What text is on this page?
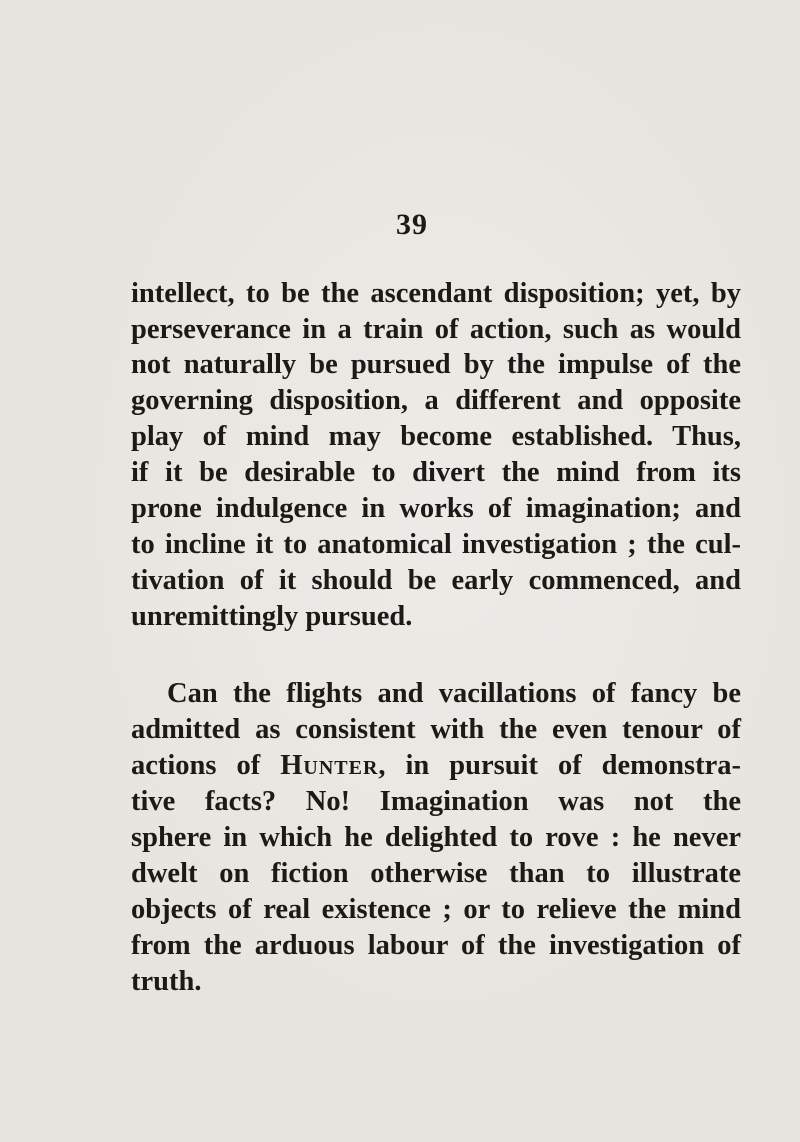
39
intellect, to be the ascendant disposition; yet, by
perseverance in a train of action, such as would
not naturally be pursued by the impulse of the
governing disposition, a different and opposite
play of mind may become established. Thus,
if it be desirable to divert the mind from its
prone indulgence in works of imagination; and
to incline it to anatomical investigation ; the cul-
tivation of it should be early commenced, and
unremittingly pursued.
Can the flights and vacillations of fancy be
admitted as consistent with the even tenour of
actions of Hunter, in pursuit of demonstra-
tive facts? No! Imagination was not the
sphere in which he delighted to rove : he never
dwelt on fiction otherwise than to illustrate
objects of real existence ; or to relieve the mind
from the arduous labour of the investigation of
truth.
